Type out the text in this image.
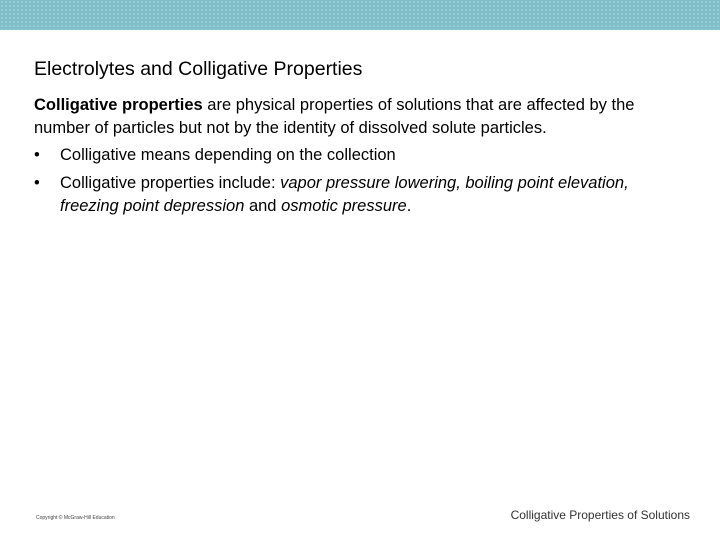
Electrolytes and Colligative Properties

Colligative properties are physical properties of solutions that are affected by the number of particles but not by the identity of dissolved solute particles.

• Colligative means depending on the collection
• Colligative properties include: vapor pressure lowering, boiling point elevation, freezing point depression and osmotic pressure.
Copyright © McGraw-Hill Education	Colligative Properties of Solutions
